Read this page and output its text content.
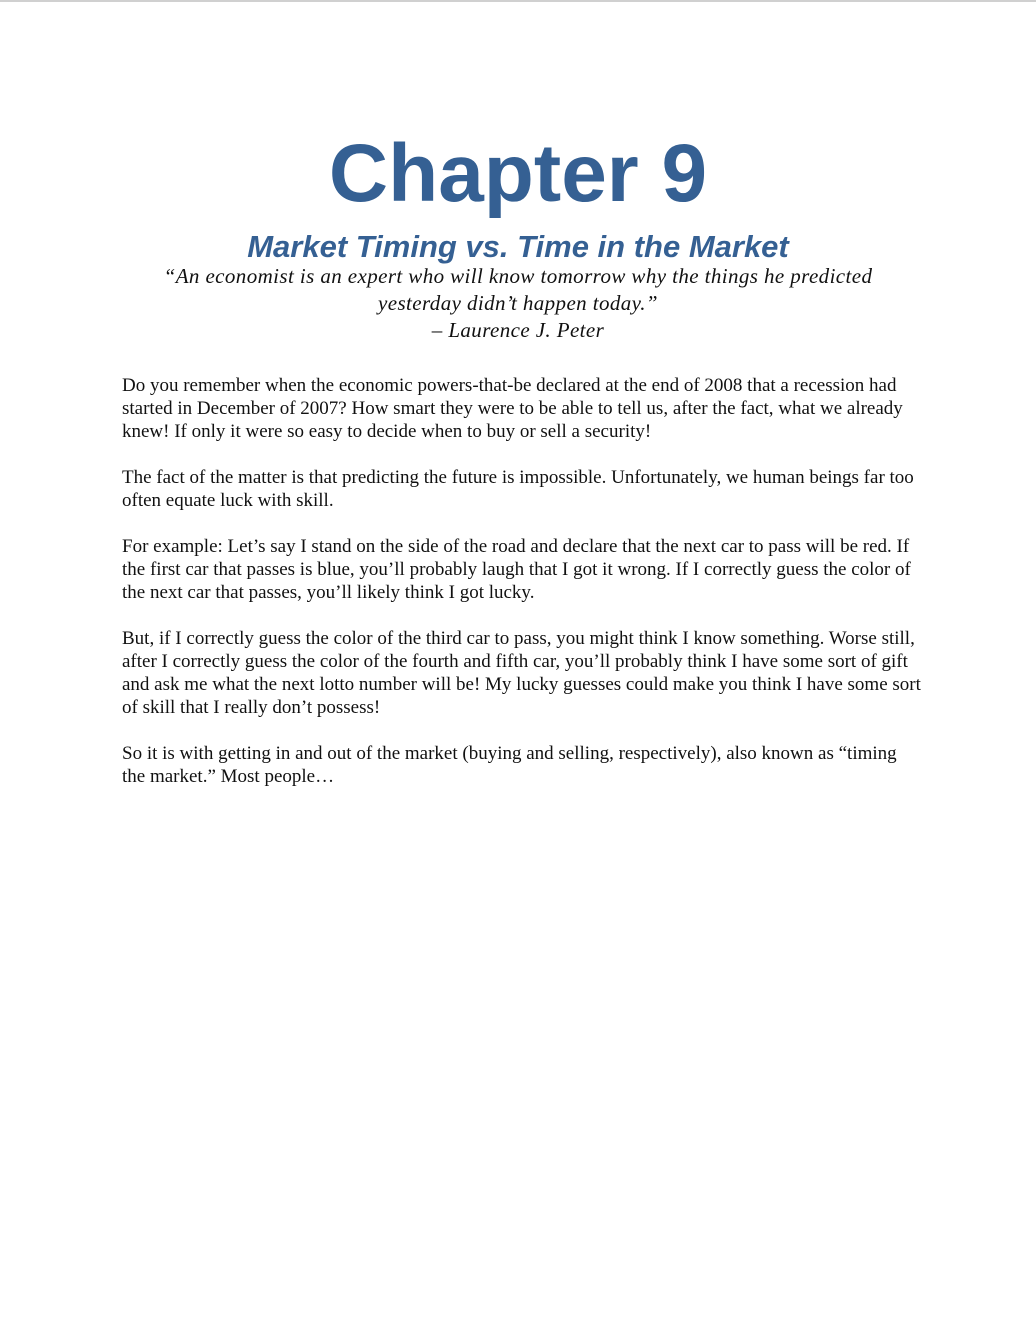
Chapter 9
Market Timing vs. Time in the Market
“An economist is an expert who will know tomorrow why the things he predicted
yesterday didn’t happen today.”
– Laurence J. Peter

Do you remember when the economic powers-that-be declared at the end of 2008 that a recession had started in December of 2007? How smart they were to be able to tell us, after the fact, what we already knew! If only it were so easy to decide when to buy or sell a security!

The fact of the matter is that predicting the future is impossible. Unfortunately, we human beings far too often equate luck with skill.

For example: Let’s say I stand on the side of the road and declare that the next car to pass will be red. If the first car that passes is blue, you’ll probably laugh that I got it wrong. If I correctly guess the color of the next car that passes, you’ll likely think I got lucky.

But, if I correctly guess the color of the third car to pass, you might think I know something. Worse still, after I correctly guess the color of the fourth and fifth car, you’ll probably think I have some sort of gift and ask me what the next lotto number will be! My lucky guesses could make you think I have some sort of skill that I really don’t possess!

So it is with getting in and out of the market (buying and selling, respectively), also known as “timing the market.” Most people…
